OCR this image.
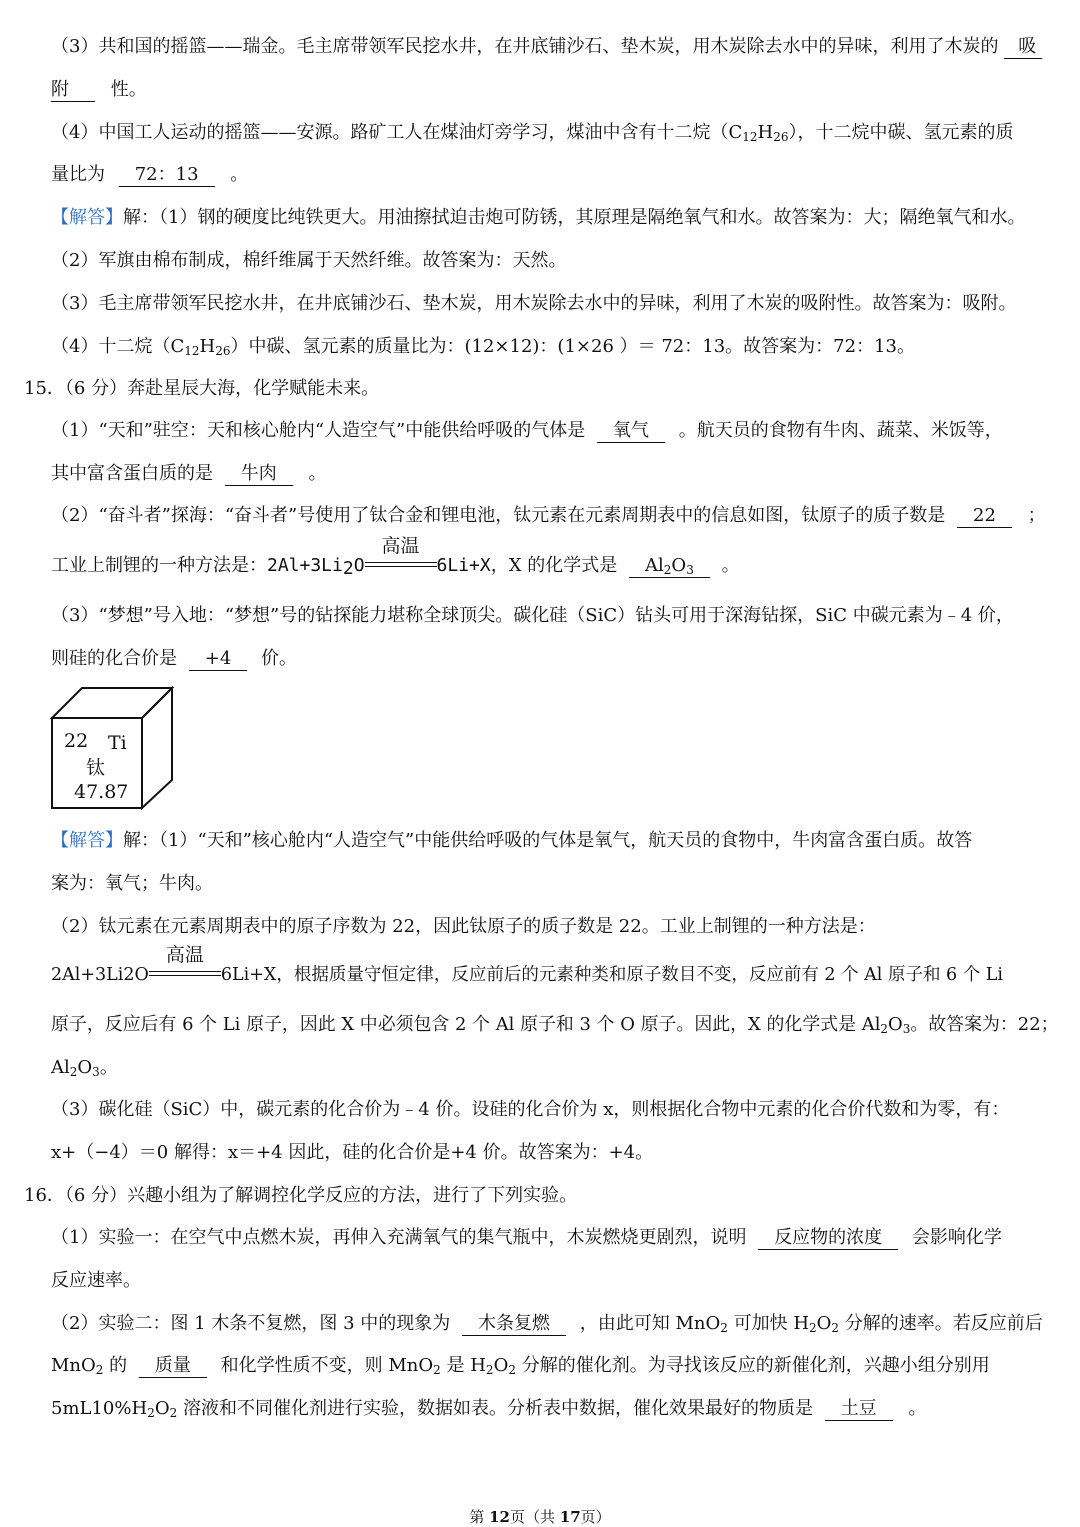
（3）共和国的摇篮——瑞金。毛主席带领军民挖水井，在井底铺沙石、垫木炭，用木炭除去水中的异味，利用了木炭的 吸
附 性。
（4）中国工人运动的摇篮——安源。路矿工人在煤油灯旁学习，煤油中含有十二烷$(C_{12}H_{26})$，十二烷中碳、氢元素的质
量比为 72：13 。
【解答】解：（1）钢的硬度比纯铁更大。用油擦拭迫击炮可防锈，其原理是隔绝氧气和水。故答案为：大；隔绝氧气和水。
（2）军旗由棉布制成，棉纤维属于天然纤维。故答案为：天然。
（3）毛主席带领军民挖水井，在井底铺沙石、垫木炭，用木炭除去水中的异味，利用了木炭的吸附性。故答案为：吸附。
（4）十二烷$(C_{12}H_{26})$中碳、氢元素的质量比为：(12×12)：(1×26 ）＝ 72：13。故答案为：72：13。
15．（6 分）奔赴星辰大海，化学赋能未来。
（1）“天和”驻空：天和核心舱内“人造空气”中能供给呼吸的气体是 氧气 。航天员的食物有牛肉、蔬菜、米饭等，
其中富含蛋白质的是 牛肉 。
（2）“奋斗者”探海：“奋斗者”号使用了钛合金和锂电池，钛元素在元素周期表中的信息如图，钛原子的质子数是 22 ；
工业上制锂的一种方法是：$2Al+3Li_2O$
高温
6Li+X，X 的化学式是 $Al_2O_3$ 。
（3）“梦想”号入地：“梦想”号的钻探能力堪称全球顶尖。碳化硅（SiC）钻头可用于深海钻探，SiC 中碳元素为﹣4 价，
则硅的化合价是 +4 价。
22 Ti
钛
47.87
【解答】解：（1）“天和”核心舱内“人造空气”中能供给呼吸的气体是氧气，航天员的食物中，牛肉富含蛋白质。故答
案为：氧气；牛肉。
（2）钛元素在元素周期表中的原子序数为 22，因此钛原子的质子数是 22。工业上制锂的一种方法是：
2Al+3Li2O
高温
6Li+X，根据质量守恒定律，反应前后的元素种类和原子数目不变，反应前有 2 个 Al 原子和 6 个 Li
原子，反应后有 6 个 Li 原子，因此 X 中必须包含 2 个 Al 原子和 3 个 O 原子。因此，X 的化学式是 $Al_2O_3$。故答案为：22；
$Al_2O_3$。
（3）碳化硅（SiC）中，碳元素的化合价为﹣4 价。设硅的化合价为 x，则根据化合物中元素的化合价代数和为零，有：
x+（−4）＝0 解得：x＝+4 因此，硅的化合价是+4 价。故答案为：+4。
16．（6 分）兴趣小组为了解调控化学反应的方法，进行了下列实验。
（1）实验一：在空气中点燃木炭，再伸入充满氧气的集气瓶中，木炭燃烧更剧烈，说明 反应物的浓度 会影响化学
反应速率。
（2）实验二：图 1 木条不复燃，图 3 中的现象为 木条复燃 ，由此可知 MnO$_2$ 可加快 $H_2O_2$ 分解的速率。若反应前后
MnO$_2$ 的 质量 和化学性质不变，则 MnO$_2$ 是 $H_2O_2$ 分解的催化剂。为寻找该反应的新催化剂，兴趣小组分别用
$5mL10\%H_2O_2$ 溶液和不同催化剂进行实验，数据如表。分析表中数据，催化效果最好的物质是 土豆 。
第 12页（共 17页）
